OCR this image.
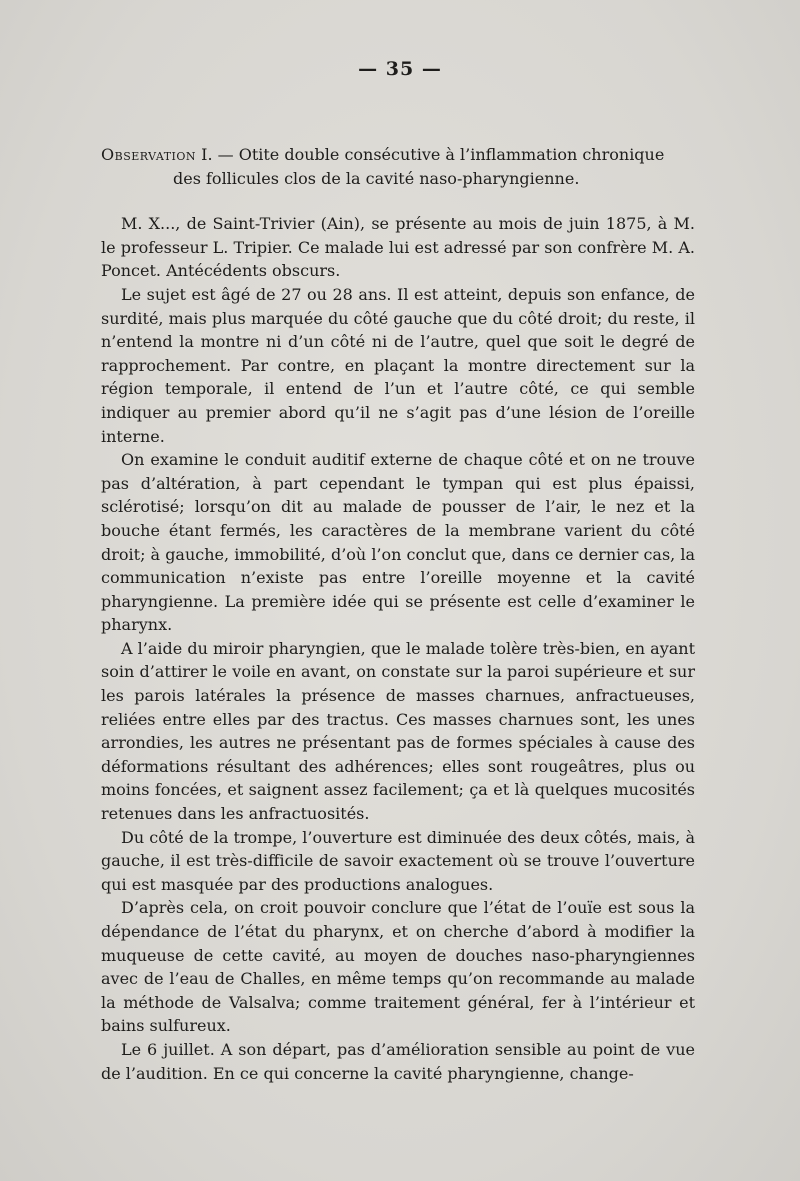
— 35 —
Observation I. — Otite double consécutive à l’inflammation chronique
des follicules clos de la cavité naso-pharyngienne.

M. X..., de Saint-Trivier (Ain), se présente au mois de juin 1875, à M. le professeur L. Tripier. Ce malade lui est adressé par son confrère M. A. Poncet. Antécédents obscurs.

Le sujet est âgé de 27 ou 28 ans. Il est atteint, depuis son enfance, de surdité, mais plus marquée du côté gauche que du côté droit; du reste, il n’entend la montre ni d’un côté ni de l’autre, quel que soit le degré de rapprochement. Par contre, en plaçant la montre directement sur la région temporale, il entend de l’un et l’autre côté, ce qui semble indiquer au premier abord qu’il ne s’agit pas d’une lésion de l’oreille interne.

On examine le conduit auditif externe de chaque côté et on ne trouve pas d’altération, à part cependant le tympan qui est plus épaissi, sclérotisé; lorsqu’on dit au malade de pousser de l’air, le nez et la bouche étant fermés, les caractères de la membrane varient du côté droit; à gauche, immobilité, d’où l’on conclut que, dans ce dernier cas, la communication n’existe pas entre l’oreille moyenne et la cavité pharyngienne. La première idée qui se présente est celle d’examiner le pharynx.

A l’aide du miroir pharyngien, que le malade tolère très-bien, en ayant soin d’attirer le voile en avant, on constate sur la paroi supérieure et sur les parois latérales la présence de masses charnues, anfractueuses, reliées entre elles par des tractus. Ces masses charnues sont, les unes arrondies, les autres ne présentant pas de formes spéciales à cause des déformations résultant des adhérences; elles sont rougeâtres, plus ou moins foncées, et saignent assez facilement; ça et là quelques mucosités retenues dans les anfractuosités.

Du côté de la trompe, l’ouverture est diminuée des deux côtés, mais, à gauche, il est très-difficile de savoir exactement où se trouve l’ouverture qui est masquée par des productions analogues.

D’après cela, on croit pouvoir conclure que l’état de l’ouïe est sous la dépendance de l’état du pharynx, et on cherche d’abord à modifier la muqueuse de cette cavité, au moyen de douches naso-pharyngiennes avec de l’eau de Challes, en même temps qu’on recommande au malade la méthode de Valsalva; comme traitement général, fer à l’intérieur et bains sulfureux.

Le 6 juillet. A son départ, pas d’amélioration sensible au point de vue de l’audition. En ce qui concerne la cavité pharyngienne, change-
